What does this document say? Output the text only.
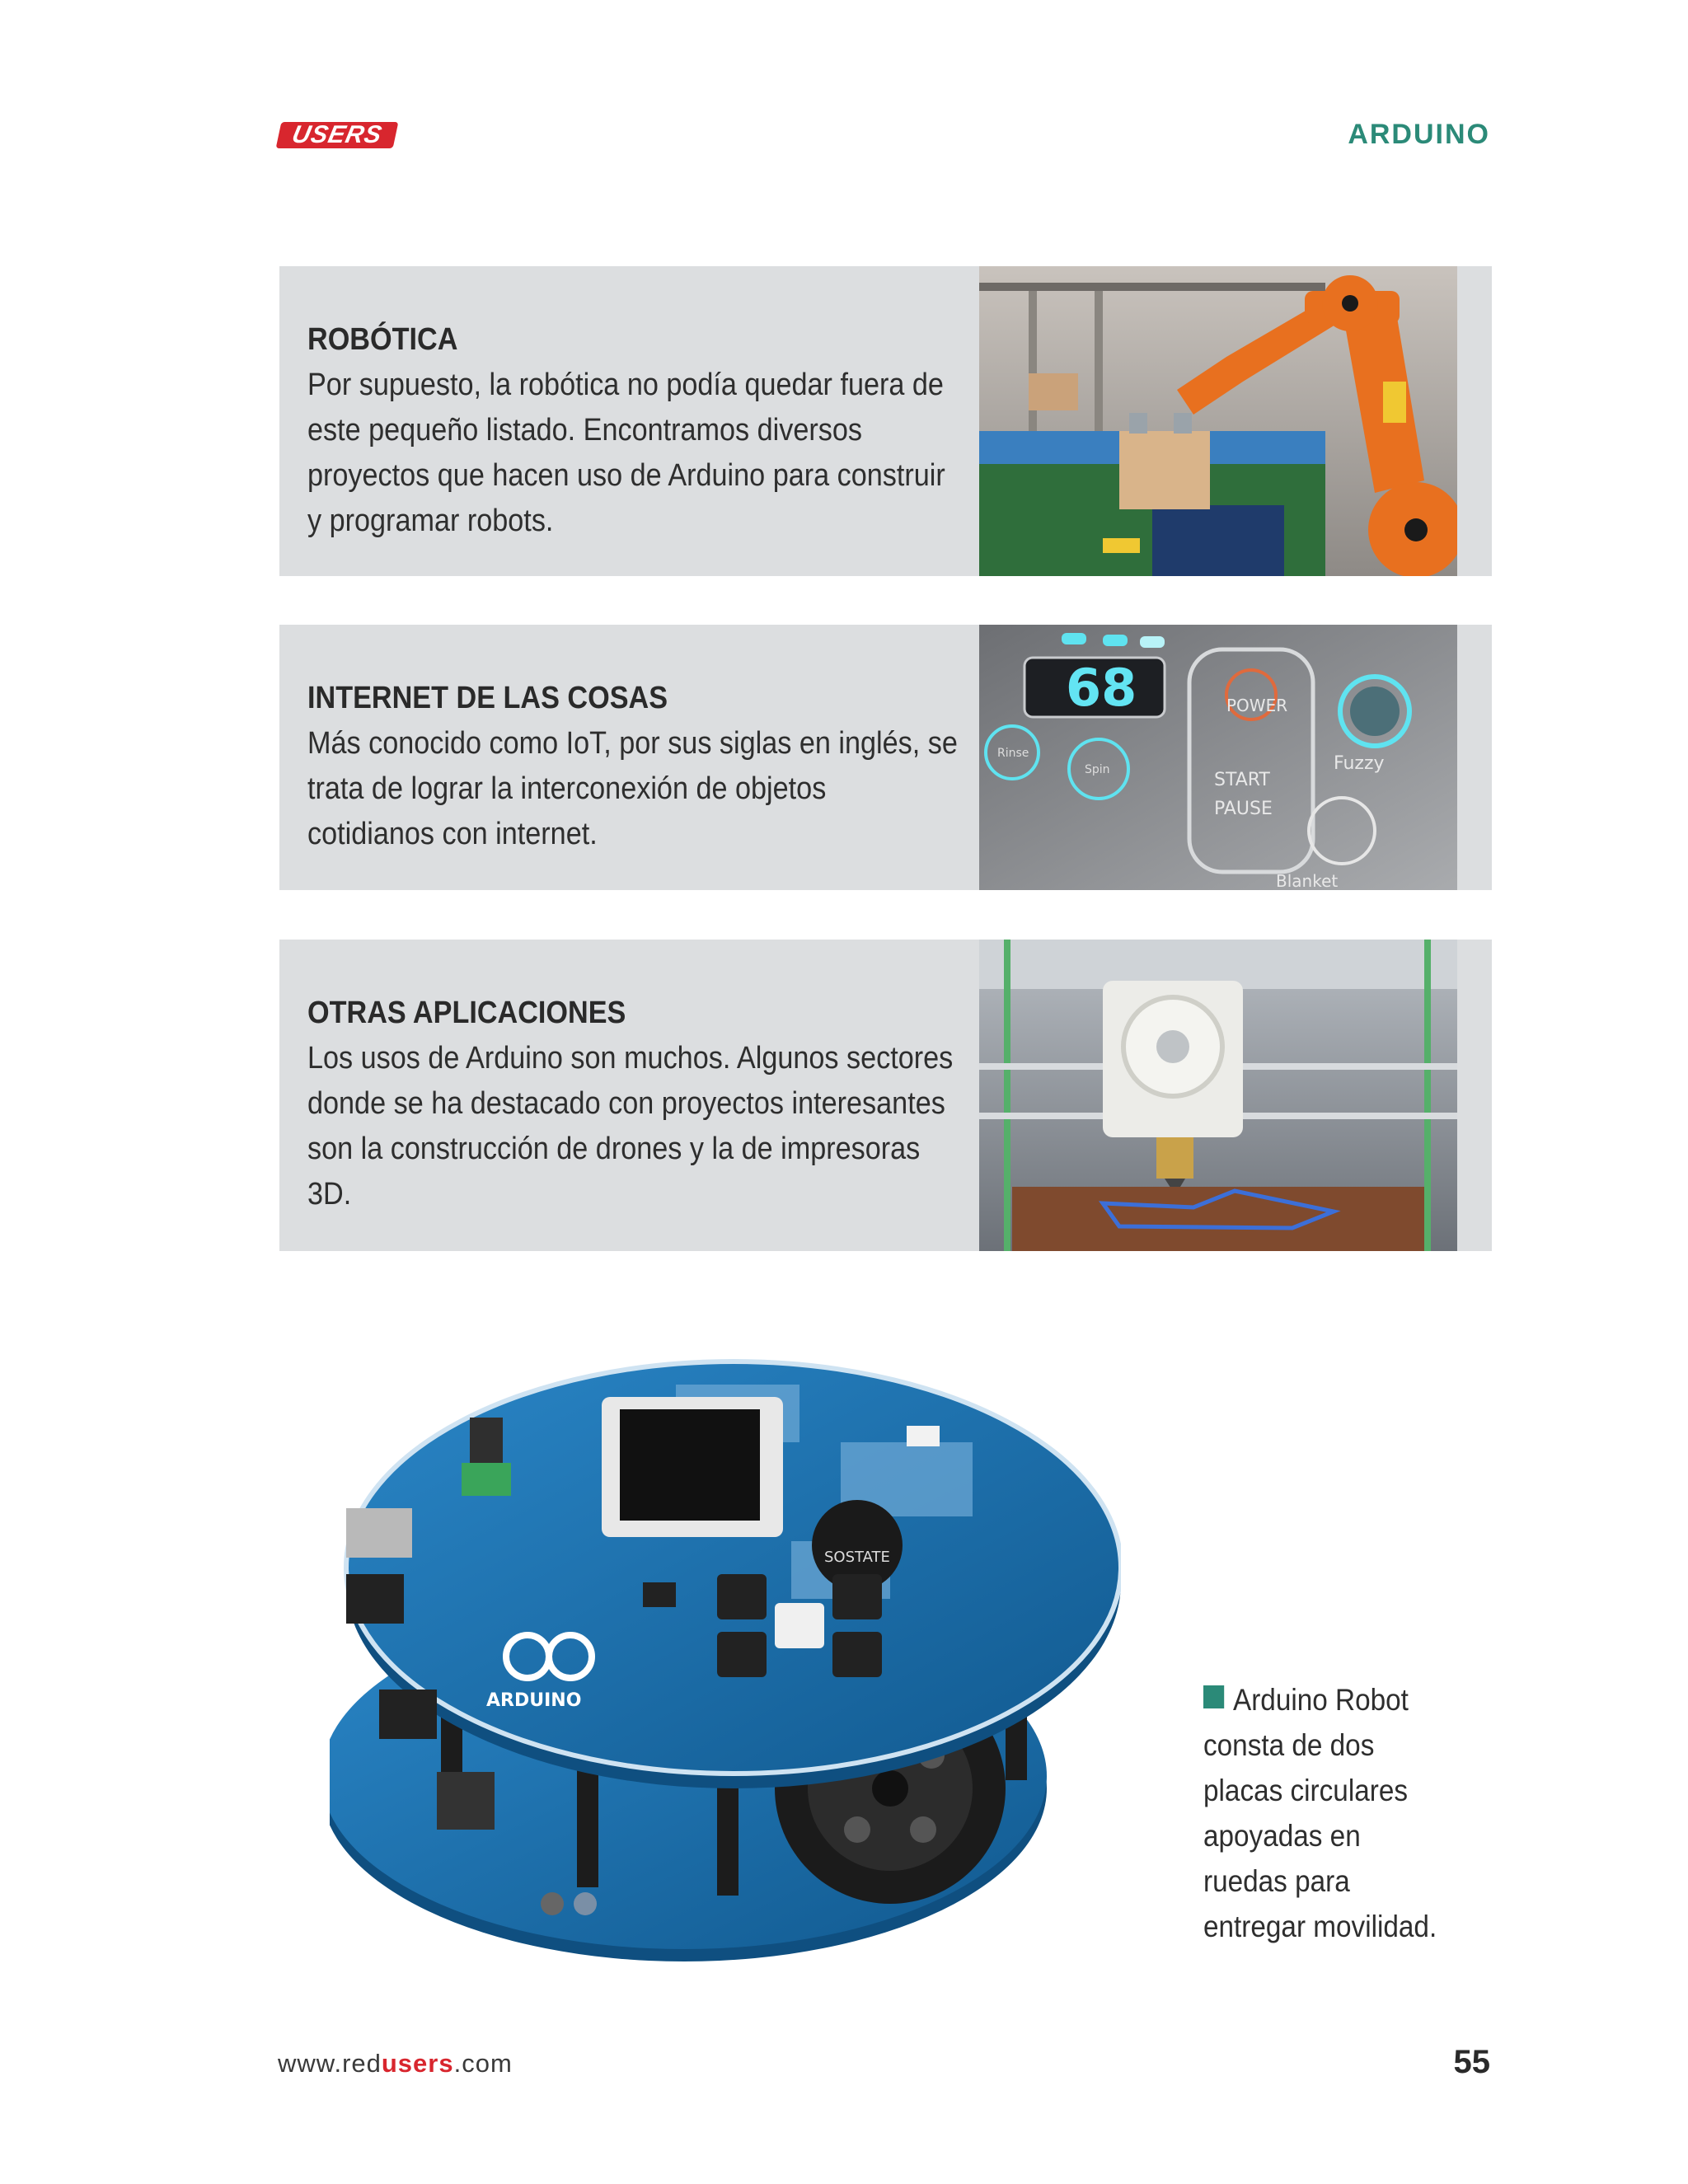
USERS	ARDUINO
ROBÓTICA
Por supuesto, la robótica no podía quedar fuera de este pequeño listado. Encontramos diversos proyectos que hacen uso de Arduino para construir y programar robots.
INTERNET DE LAS COSAS
Más conocido como IoT, por sus siglas en inglés, se trata de lograr la interconexión de objetos cotidianos con internet.
68	POWER
START
PAUSE
Rinse
Spin	Fuzzy
Blanket
OTRAS APLICACIONES
Los usos de Arduino son muchos. Algunos sectores donde se ha destacado con proyectos interesantes son la construcción de drones y la de impresoras 3D.
SOSTATE
ARDUINO	Arduino Robot consta de dos placas circulares apoyadas en ruedas para entregar movilidad.
www.redusers.com	55
